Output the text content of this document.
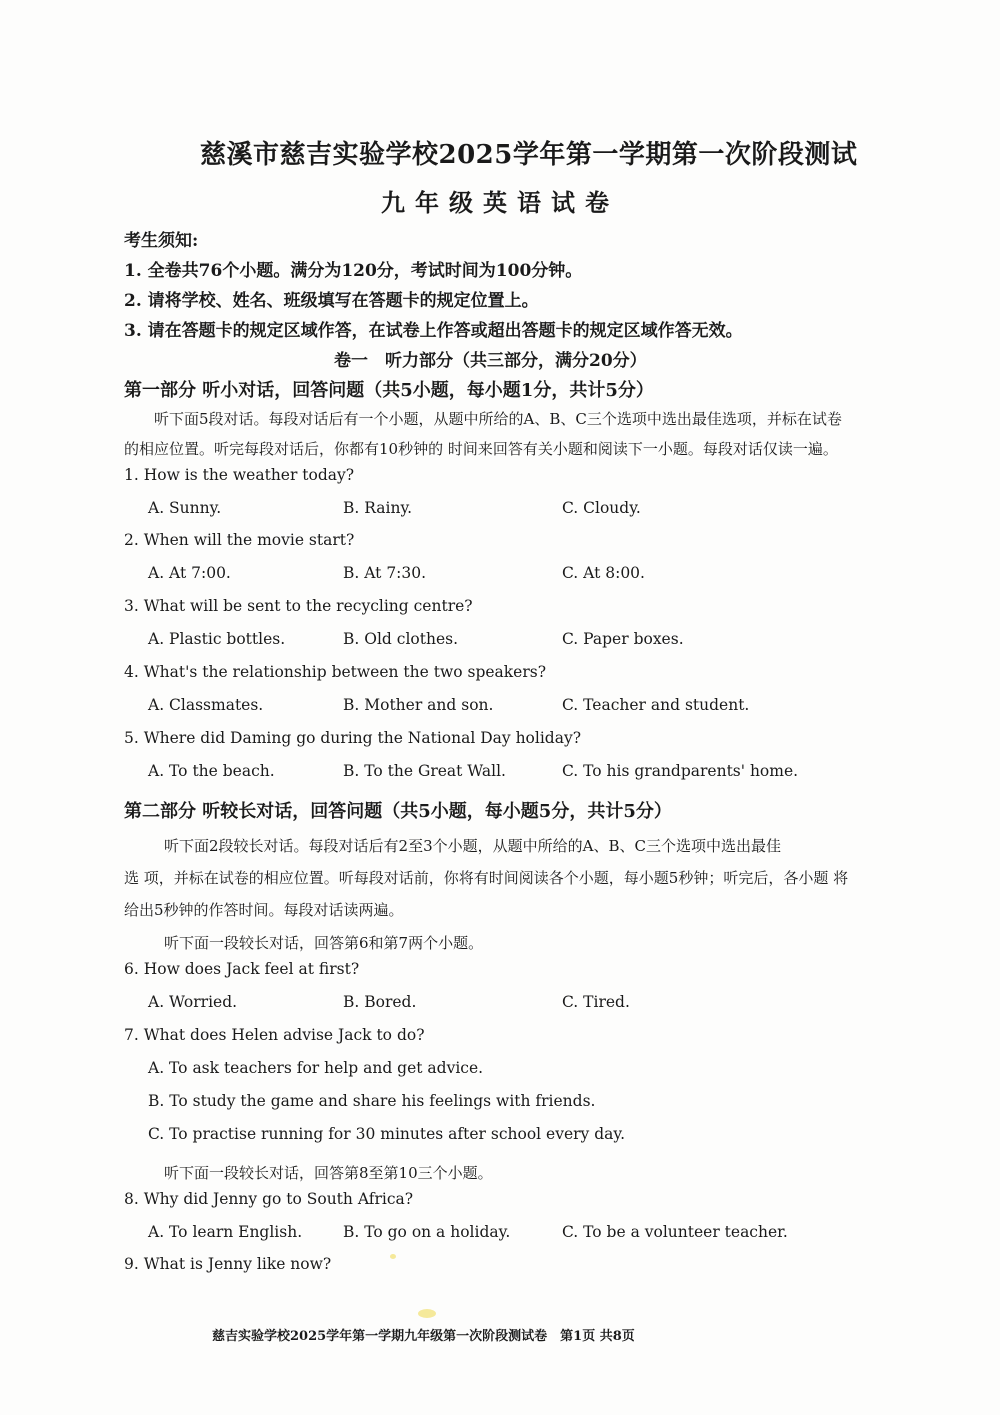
慈溪市慈吉实验学校2025学年第一学期第一次阶段测试
九年级英语试卷
考生须知:
1. 全卷共76个小题。满分为120分，考试时间为100分钟。
2. 请将学校、姓名、班级填写在答题卡的规定位置上。
3. 请在答题卡的规定区域作答，在试卷上作答或超出答题卡的规定区域作答无效。
卷一　听力部分（共三部分，满分20分）
第一部分 听小对话，回答问题（共5小题，每小题1分，共计5分）
听下面5段对话。每段对话后有一个小题，从题中所给的A、B、C三个选项中选出最佳选项，并标在试卷
的相应位置。听完每段对话后，你都有10秒钟的 时间来回答有关小题和阅读下一小题。每段对话仅读一遍。
1. How is the weather today?
A. Sunny.	B. Rainy.	C. Cloudy.
2. When will the movie start?
A. At 7:00.	B. At 7:30.	C. At 8:00.
3. What will be sent to the recycling centre?
A. Plastic bottles.	B. Old clothes.	C. Paper boxes.
4. What's the relationship between the two speakers?
A. Classmates.	B. Mother and son.	C. Teacher and student.
5. Where did Daming go during the National Day holiday?
A. To the beach.	B. To the Great Wall.	C. To his grandparents' home.
第二部分 听较长对话，回答问题（共5小题，每小题5分，共计5分）
听下面2段较长对话。每段对话后有2至3个小题，从题中所给的A、B、C三个选项中选出最佳
选 项，并标在试卷的相应位置。听每段对话前，你将有时间阅读各个小题，每小题5秒钟；听完后，各小题 将
给出5秒钟的作答时间。每段对话读两遍。
听下面一段较长对话，回答第6和第7两个小题。
6. How does Jack feel at first?
A. Worried.	B. Bored.	C. Tired.
7. What does Helen advise Jack to do?
A. To ask teachers for help and get advice.
B. To study the game and share his feelings with friends.
C. To practise running for 30 minutes after school every day.
听下面一段较长对话，回答第8至第10三个小题。
8. Why did Jenny go to South Africa?
A. To learn English.	B. To go on a holiday.	C. To be a volunteer teacher.
9. What is Jenny like now?
慈吉实验学校2025学年第一学期九年级第一次阶段测试卷　第1页 共8页
